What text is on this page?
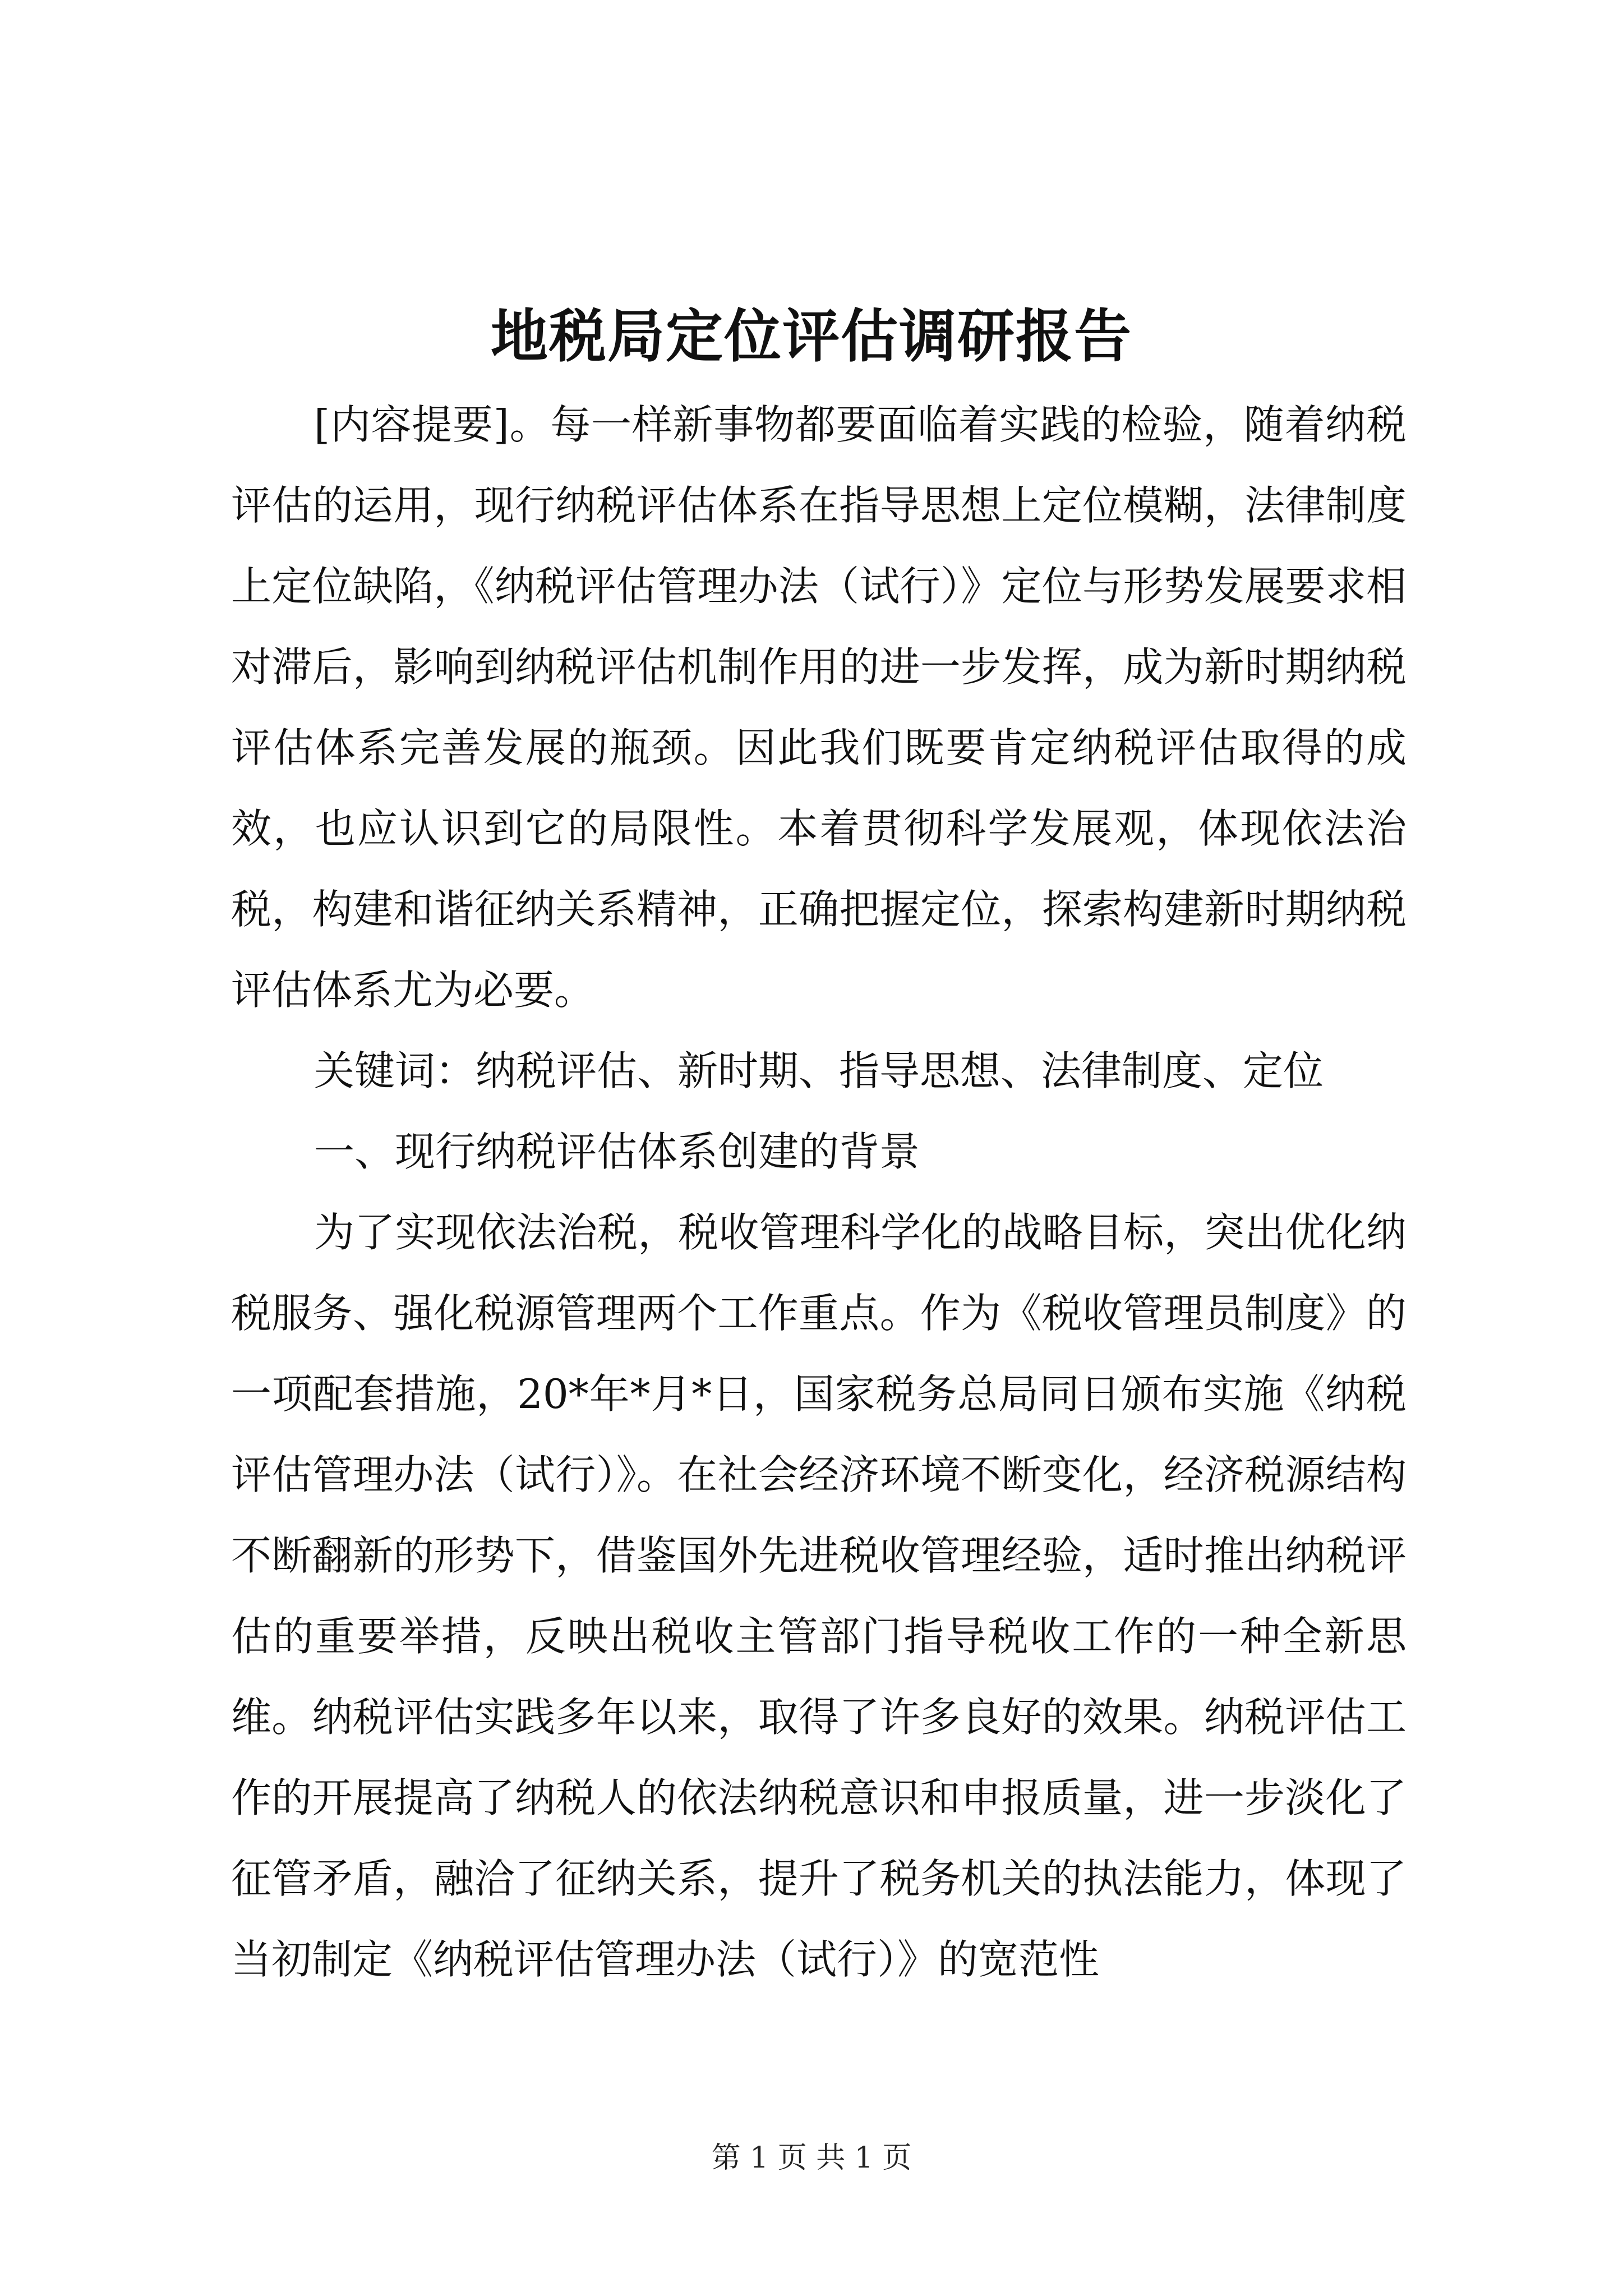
地税局定位评估调研报告

[内容提要]。每一样新事物都要面临着实践的检验，随着纳税评估的运用，现行纳税评估体系在指导思想上定位模糊，法律制度上定位缺陷，《纳税评估管理办法（试行）》定位与形势发展要求相对滞后，影响到纳税评估机制作用的进一步发挥，成为新时期纳税评估体系完善发展的瓶颈。因此我们既要肯定纳税评估取得的成效，也应认识到它的局限性。本着贯彻科学发展观，体现依法治税，构建和谐征纳关系精神，正确把握定位，探索构建新时期纳税评估体系尤为必要。

关键词：纳税评估、新时期、指导思想、法律制度、定位

一、现行纳税评估体系创建的背景

为了实现依法治税，税收管理科学化的战略目标，突出优化纳税服务、强化税源管理两个工作重点。作为《税收管理员制度》的一项配套措施，20*年*月*日，国家税务总局同日颁布实施《纳税评估管理办法（试行）》。在社会经济环境不断变化，经济税源结构不断翻新的形势下，借鉴国外先进税收管理经验，适时推出纳税评估的重要举措，反映出税收主管部门指导税收工作的一种全新思维。纳税评估实践多年以来，取得了许多良好的效果。纳税评估工作的开展提高了纳税人的依法纳税意识和申报质量，进一步淡化了征管矛盾，融洽了征纳关系，提升了税务机关的执法能力，体现了当初制定《纳税评估管理办法（试行）》的宽范性

第 1 页 共 1 页
